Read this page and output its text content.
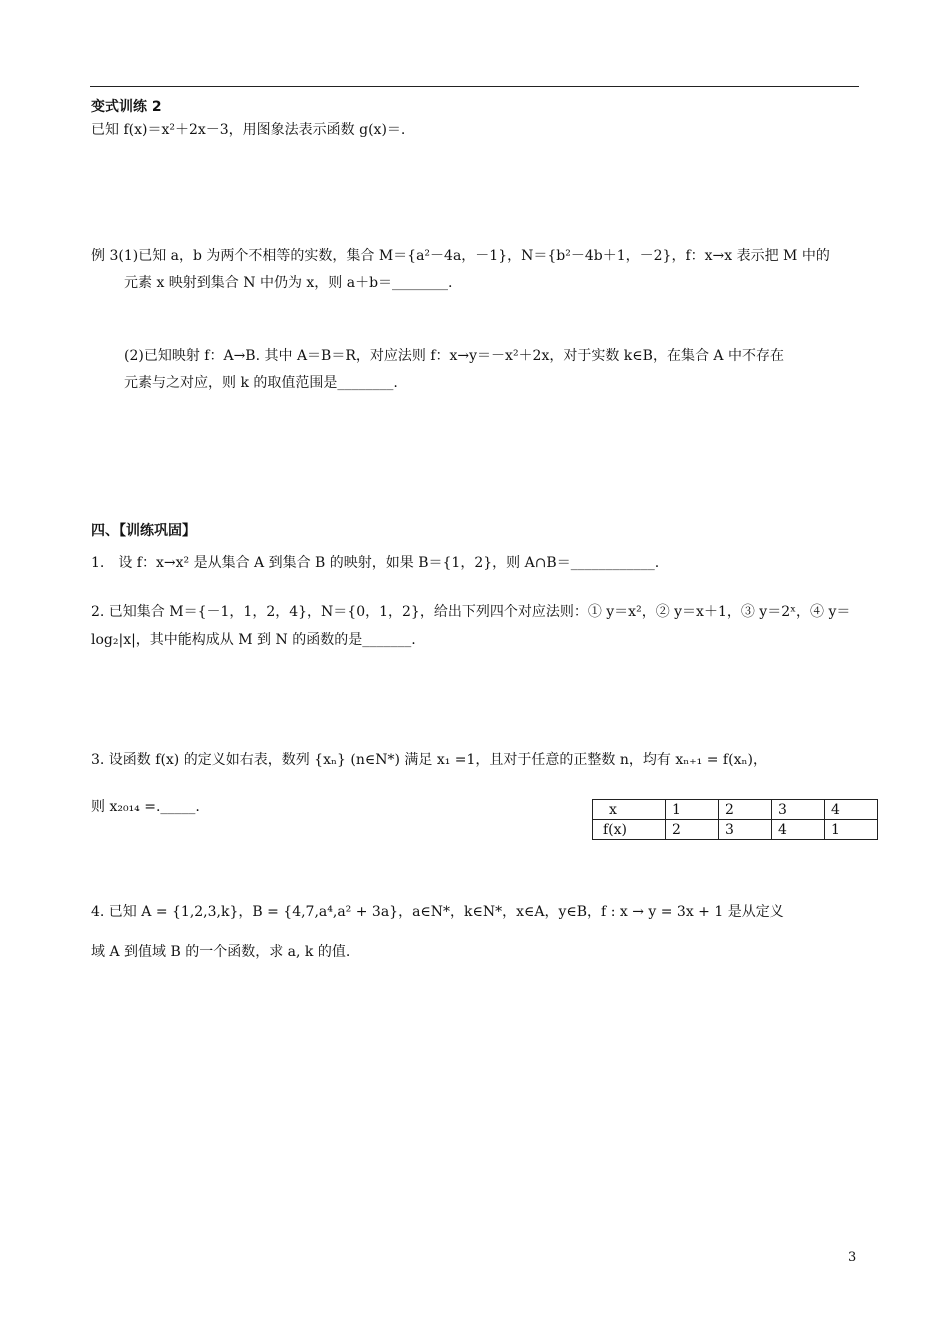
变式训练 2
已知 f(x)＝x²＋2x－3，用图象法表示函数 g(x)＝.
例 3(1)已知 a，b 为两个不相等的实数，集合 M＝{a²－4a，－1}，N＝{b²－4b＋1，－2}，f：x→x 表示把 M 中的
元素 x 映射到集合 N 中仍为 x，则 a＋b＝________.
(2)已知映射 f：A→B. 其中 A＝B＝R，对应法则 f：x→y＝－x²＋2x，对于实数 k∈B，在集合 A 中不存在
元素与之对应，则 k 的取值范围是________.
四、【训练巩固】
1.　设 f：x→x² 是从集合 A 到集合 B 的映射，如果 B＝{1，2}，则 A∩B＝____________.
2. 已知集合 M＝{－1，1，2，4}，N＝{0，1，2}，给出下列四个对应法则：① y＝x²，② y＝x＋1，③ y＝2ˣ，④ y＝
log₂|x|，其中能构成从 M 到 N 的函数的是_______.
3. 设函数 f(x) 的定义如右表，数列 {xₙ} (n∈N*) 满足 x₁ =1，且对于任意的正整数 n，均有 xₙ₊₁ = f(xₙ)，
则 x₂₀₁₄ =._____.	x	1	2	3	4
f(x)	2	3	4	1
4. 已知 A = {1,2,3,k}，B = {4,7,a⁴,a² + 3a}，a∈N*，k∈N*，x∈A，y∈B，f : x → y = 3x + 1 是从定义
域 A 到值域 B 的一个函数，求 a, k 的值.
3
